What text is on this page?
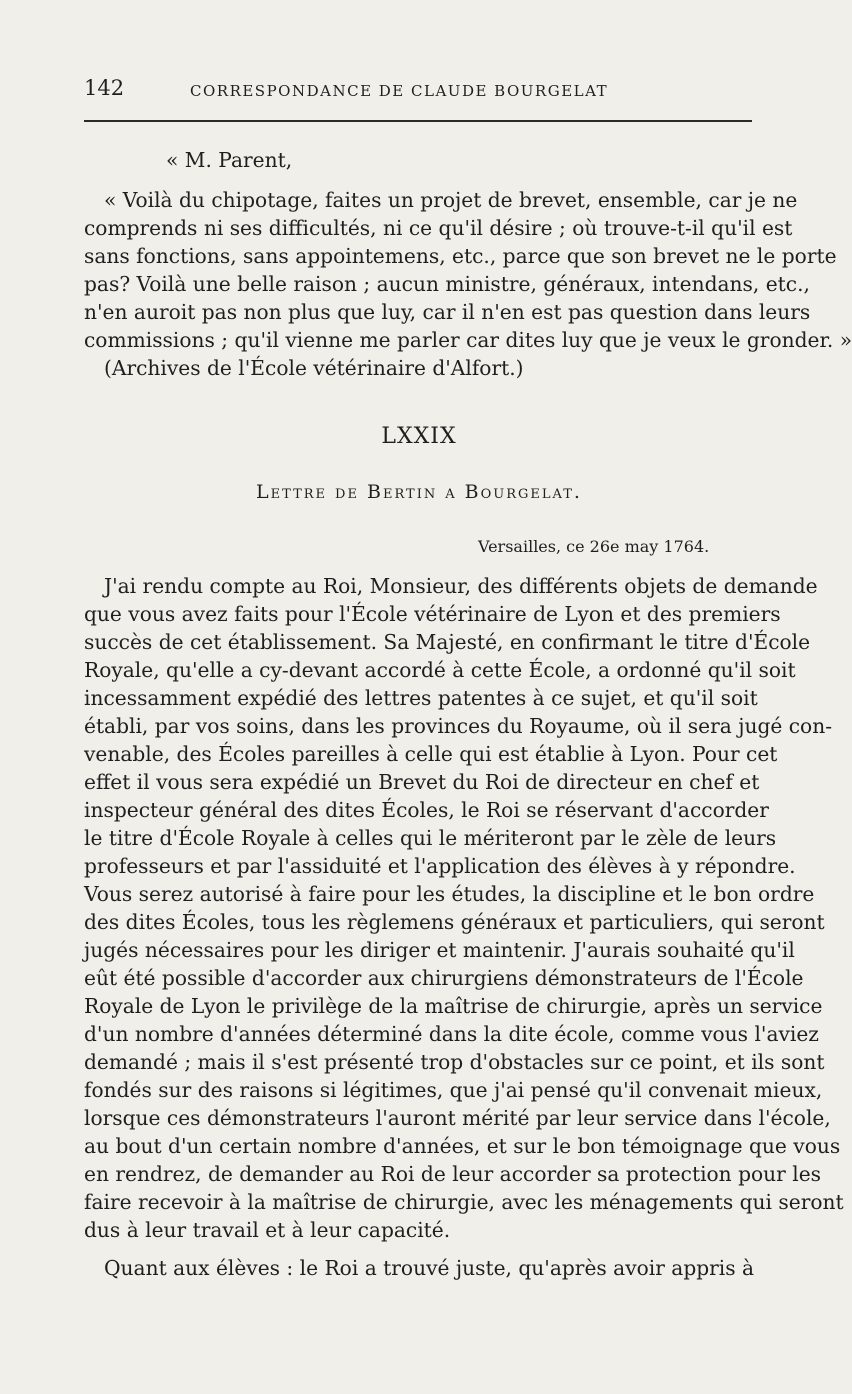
142	CORRESPONDANCE DE CLAUDE BOURGELAT
« M. Parent,
« Voilà du chipotage, faites un projet de brevet, ensemble, car je ne
comprends ni ses difficultés, ni ce qu'il désire ; où trouve-t-il qu'il est
sans fonctions, sans appointemens, etc., parce que son brevet ne le porte
pas? Voilà une belle raison ; aucun ministre, généraux, intendans, etc.,
n'en auroit pas non plus que luy, car il n'en est pas question dans leurs
commissions ; qu'il vienne me parler car dites luy que je veux le gronder. »
(Archives de l'École vétérinaire d'Alfort.)
LXXIX
Lettre de Bertin a Bourgelat.
Versailles, ce 26e may 1764.
J'ai rendu compte au Roi, Monsieur, des différents objets de demande
que vous avez faits pour l'École vétérinaire de Lyon et des premiers
succès de cet établissement. Sa Majesté, en confirmant le titre d'École
Royale, qu'elle a cy-devant accordé à cette École, a ordonné qu'il soit
incessamment expédié des lettres patentes à ce sujet, et qu'il soit
établi, par vos soins, dans les provinces du Royaume, où il sera jugé con-
venable, des Écoles pareilles à celle qui est établie à Lyon. Pour cet
effet il vous sera expédié un Brevet du Roi de directeur en chef et
inspecteur général des dites Écoles, le Roi se réservant d'accorder
le titre d'École Royale à celles qui le mériteront par le zèle de leurs
professeurs et par l'assiduité et l'application des élèves à y répondre.
Vous serez autorisé à faire pour les études, la discipline et le bon ordre
des dites Écoles, tous les règlemens généraux et particuliers, qui seront
jugés nécessaires pour les diriger et maintenir. J'aurais souhaité qu'il
eût été possible d'accorder aux chirurgiens démonstrateurs de l'École
Royale de Lyon le privilège de la maîtrise de chirurgie, après un service
d'un nombre d'années déterminé dans la dite école, comme vous l'aviez
demandé ; mais il s'est présenté trop d'obstacles sur ce point, et ils sont
fondés sur des raisons si légitimes, que j'ai pensé qu'il convenait mieux,
lorsque ces démonstrateurs l'auront mérité par leur service dans l'école,
au bout d'un certain nombre d'années, et sur le bon témoignage que vous
en rendrez, de demander au Roi de leur accorder sa protection pour les
faire recevoir à la maîtrise de chirurgie, avec les ménagements qui seront
dus à leur travail et à leur capacité.
Quant aux élèves : le Roi a trouvé juste, qu'après avoir appris à
